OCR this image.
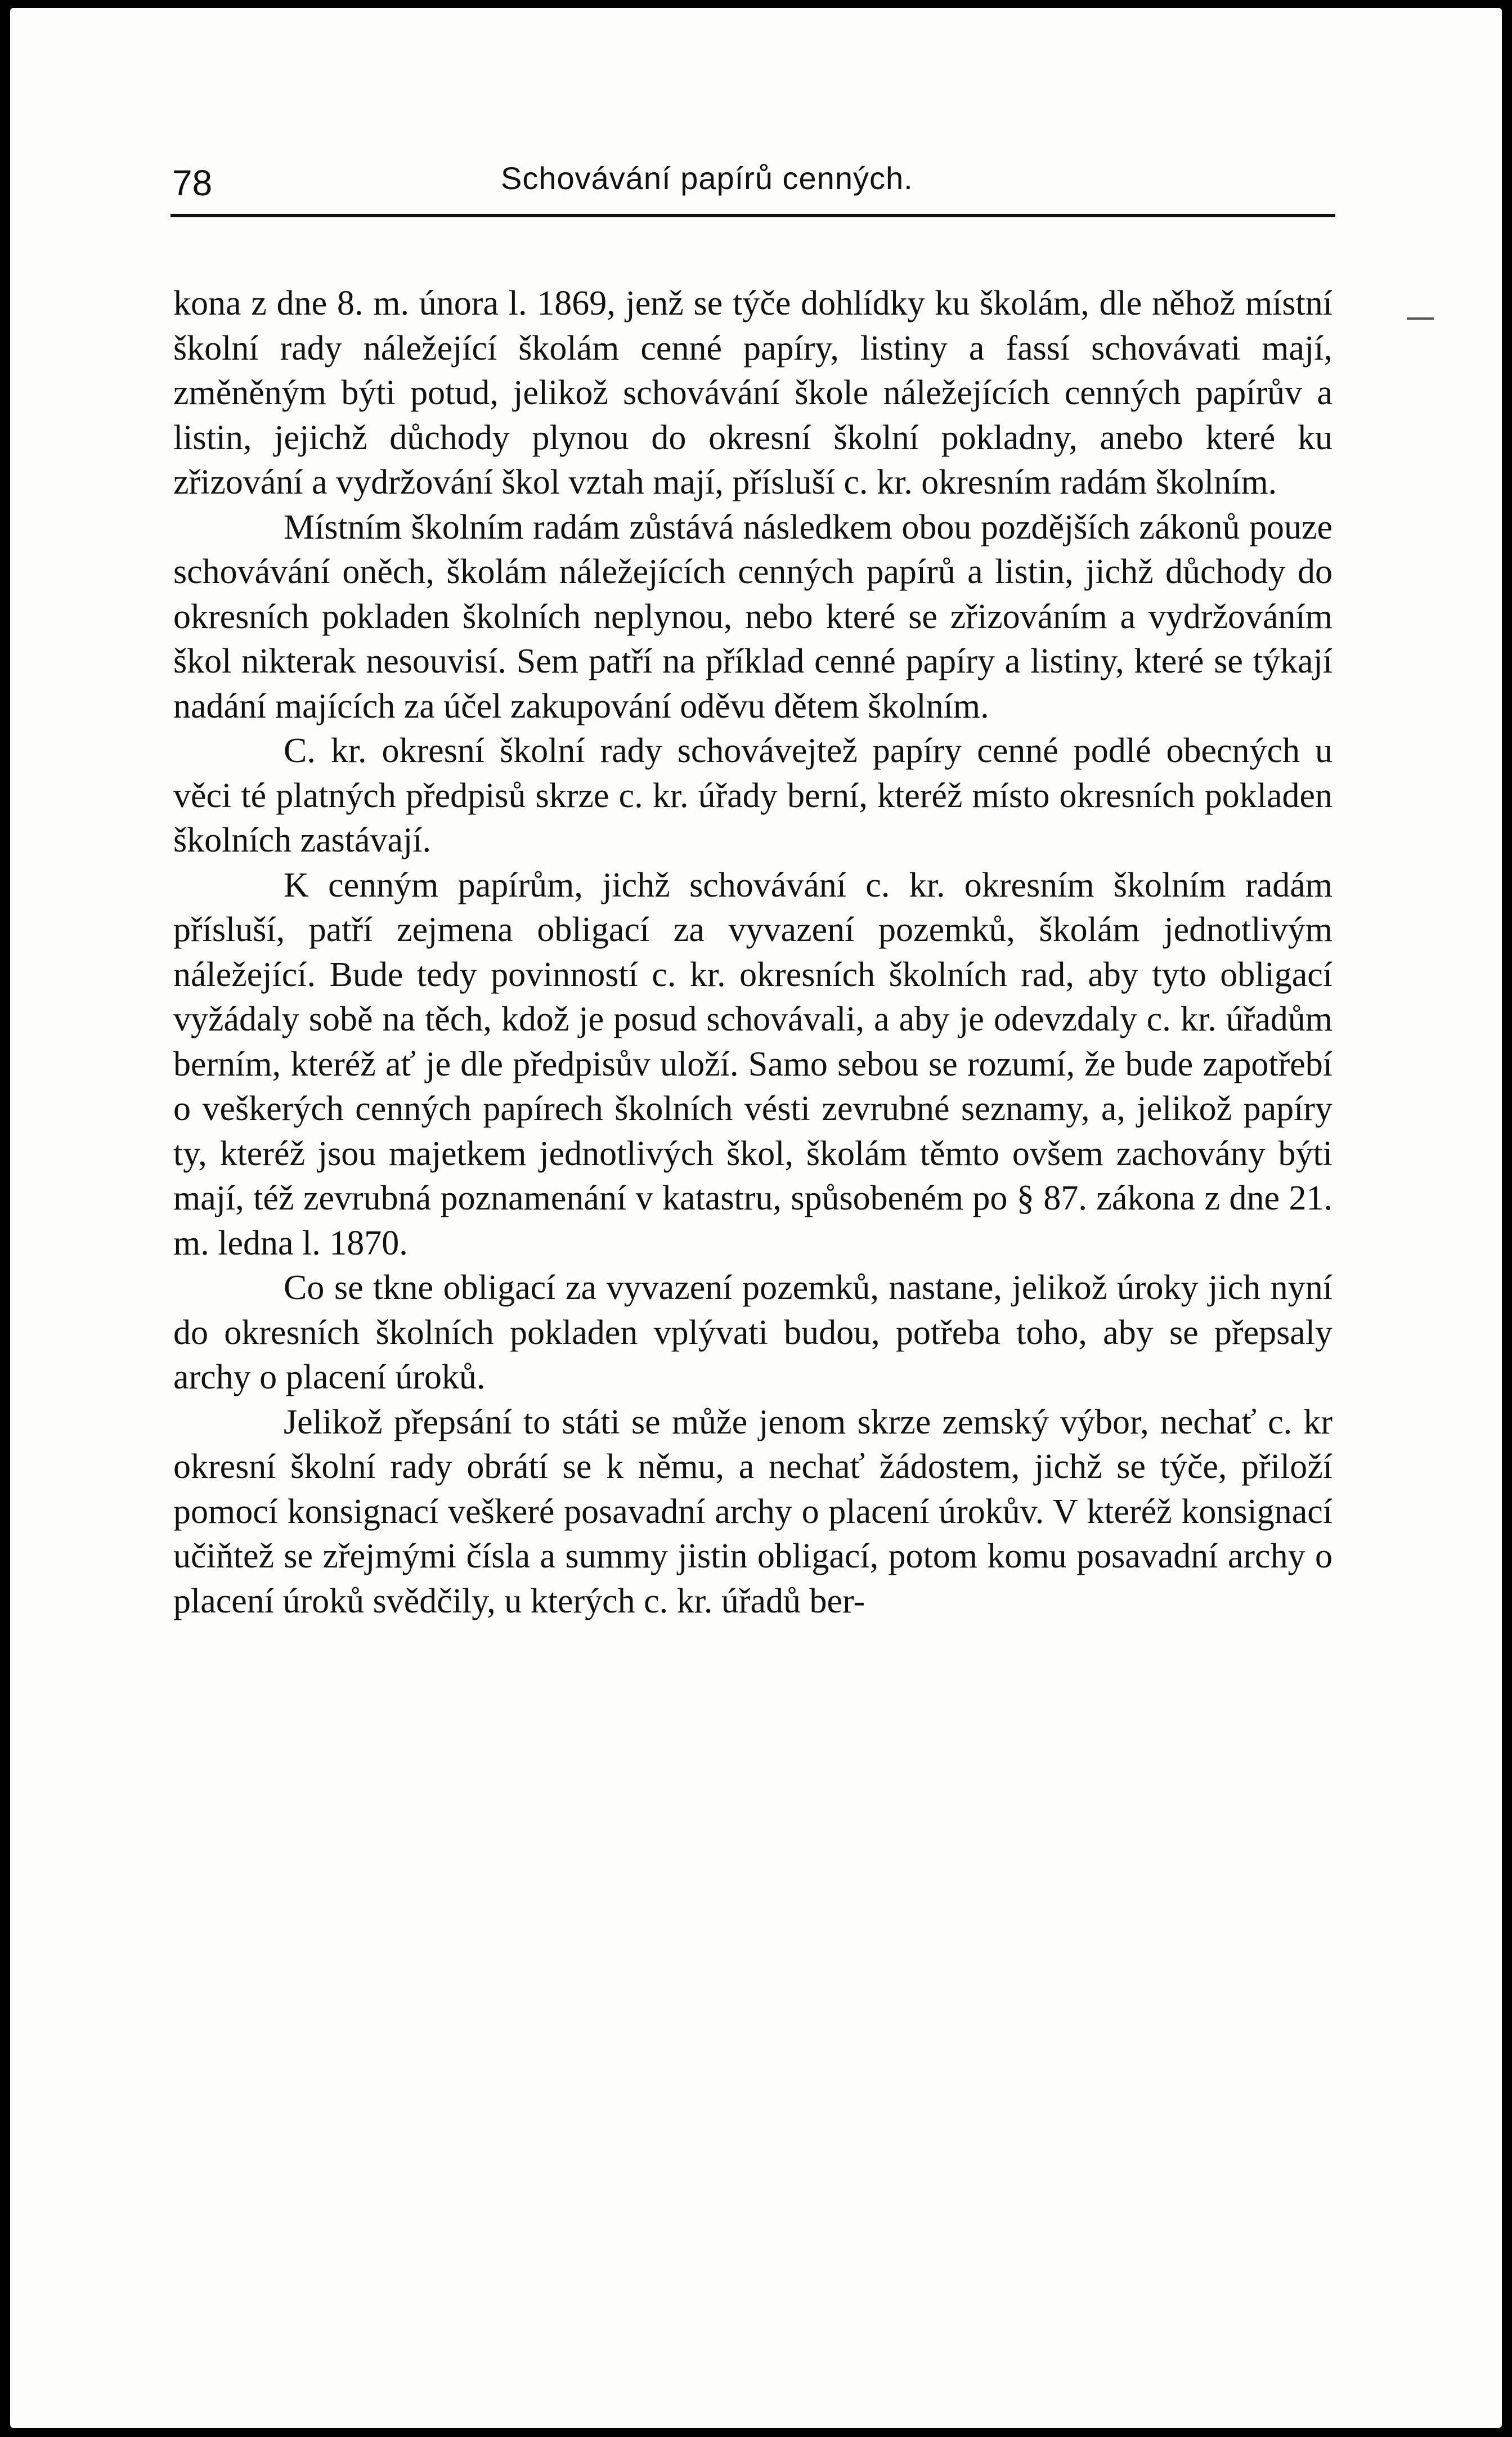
78	Schovávání papírů cenných.

kona z dne 8. m. února l. 1869, jenž se týče dohlídky ku školám, dle něhož místní školní rady náležející školám cenné papíry, listiny a fassí schovávati mají, změněným býti potud, jelikož schovávání škole náležejících cenných papírův a listin, jejichž důchody plynou do okresní školní pokladny, anebo které ku zřizování a vydržování škol vztah mají, přísluší c. kr. okresním radám školním.

Místním školním radám zůstává následkem obou pozdějších zákonů pouze schovávání oněch, školám náležejících cenných papírů a listin, jichž důchody do okresních pokladen školních neplynou, nebo které se zřizováním a vydržováním škol nikterak nesouvisí. Sem patří na příklad cenné papíry a listiny, které se týkají nadání majících za účel zakupování oděvu dětem školním.

C. kr. okresní školní rady schovávejtež papíry cenné podlé obecných u věci té platných předpisů skrze c. kr. úřady berní, kteréž místo okresních pokladen školních zastávají.

K cenným papírům, jichž schovávání c. kr. okresním školním radám přísluší, patří zejmena obligací za vyvazení pozemků, školám jednotlivým náležející. Bude tedy povinností c. kr. okresních školních rad, aby tyto obligací vyžádaly sobě na těch, kdož je posud schovávali, a aby je odevzdaly c. kr. úřadům berním, kteréž ať je dle předpisův uloží. Samo sebou se rozumí, že bude zapotřebí o veškerých cenných papírech školních vésti zevrubné seznamy, a, jelikož papíry ty, kteréž jsou majetkem jednotlivých škol, školám těmto ovšem zachovány býti mají, též zevrubná poznamenání v katastru, spůsobeném po § 87. zákona z dne 21. m. ledna l. 1870.

Co se tkne obligací za vyvazení pozemků, nastane, jelikož úroky jich nyní do okresních školních pokladen vplývati budou, potřeba toho, aby se přepsaly archy o placení úroků.

Jelikož přepsání to státi se může jenom skrze zemský výbor, nechať c. kr okresní školní rady obrátí se k němu, a nechať žádostem, jichž se týče, přiloží pomocí konsignací veškeré posavadní archy o placení úrokův. V kteréž konsignací učiňtež se zřejmými čísla a summy jistin obligací, potom komu posavadní archy o placení úroků svědčily, u kterých c. kr. úřadů ber-
